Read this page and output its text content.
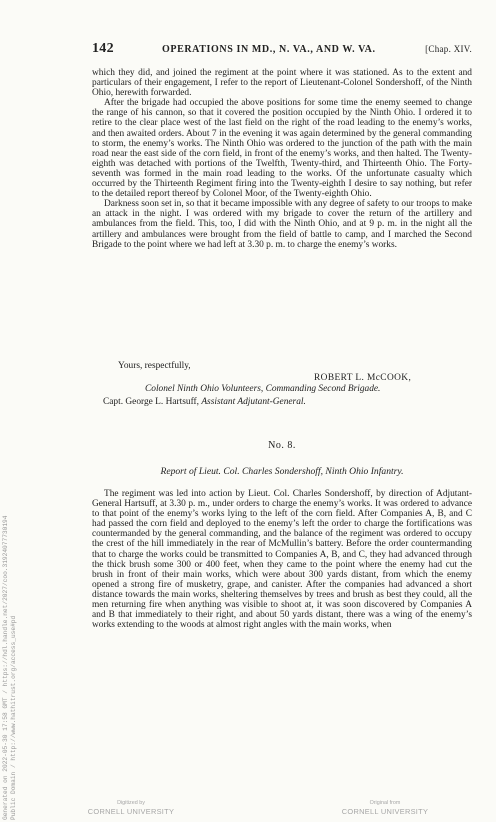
142	OPERATIONS IN MD., N. VA., AND W. VA.	[Chap. XIV.

which they did, and joined the regiment at the point where it was stationed. As to the extent and particulars of their engagement, I refer to the report of Lieutenant-Colonel Sondershoff, of the Ninth Ohio, herewith forwarded.

After the brigade had occupied the above positions for some time the enemy seemed to change the range of his cannon, so that it covered the position occupied by the Ninth Ohio. I ordered it to retire to the clear place west of the last field on the right of the road leading to the enemy’s works, and then awaited orders. About 7 in the evening it was again determined by the general commanding to storm, the enemy’s works. The Ninth Ohio was ordered to the junction of the path with the main road near the east side of the corn field, in front of the enemy’s works, and then halted. The Twenty-eighth was detached with portions of the Twelfth, Twenty-third, and Thirteenth Ohio. The Forty-seventh was formed in the main road leading to the works. Of the unfortunate casualty which occurred by the Thirteenth Regiment firing into the Twenty-eighth I desire to say nothing, but refer to the detailed report thereof by Colonel Moor, of the Twenty-eighth Ohio.

Darkness soon set in, so that it became impossible with any degree of safety to our troops to make an attack in the night. I was ordered with my brigade to cover the return of the artillery and ambulances from the field. This, too, I did with the Ninth Ohio, and at 9 p. m. in the night all the artillery and ambulances were brought from the field of battle to camp, and I marched the Second Brigade to the point where we had left at 3.30 p. m. to charge the enemy’s works.

Yours, respectfully,
ROBERT L. McCOOK,
Colonel Ninth Ohio Volunteers, Commanding Second Brigade.
Capt. George L. Hartsuff, Assistant Adjutant-General.
No. 8.
Report of Lieut. Col. Charles Sondershoff, Ninth Ohio Infantry.

The regiment was led into action by Lieut. Col. Charles Sondershoff, by direction of Adjutant-General Hartsuff, at 3.30 p. m., under orders to charge the enemy’s works. It was ordered to advance to that point of the enemy’s works lying to the left of the corn field. After Companies A, B, and C had passed the corn field and deployed to the enemy’s left the order to charge the fortifications was countermanded by the general commanding, and the balance of the regiment was ordered to occupy the crest of the hill immediately in the rear of McMullin’s battery. Before the order countermanding that to charge the works could be transmitted to Companies A, B, and C, they had advanced through the thick brush some 300 or 400 feet, when they came to the point where the enemy had cut the brush in front of their main works, which were about 300 yards distant, from which the enemy opened a strong fire of musketry, grape, and canister. After the companies had advanced a short distance towards the main works, sheltering themselves by trees and brush as best they could, all the men returning fire when anything was visible to shoot at, it was soon discovered by Companies A and B that immediately to their right, and about 50 yards distant, there was a wing of the enemy’s works extending to the woods at almost right angles with the main works, when

Generated on 2022-05-30 17:58 GMT / https://hdl.handle.net/2027/coo.31924077730194 Public Domain / http://www.hathitrust.org/access_use#pd	Digitized by
CORNELL UNIVERSITY
Original from
CORNELL UNIVERSITY
